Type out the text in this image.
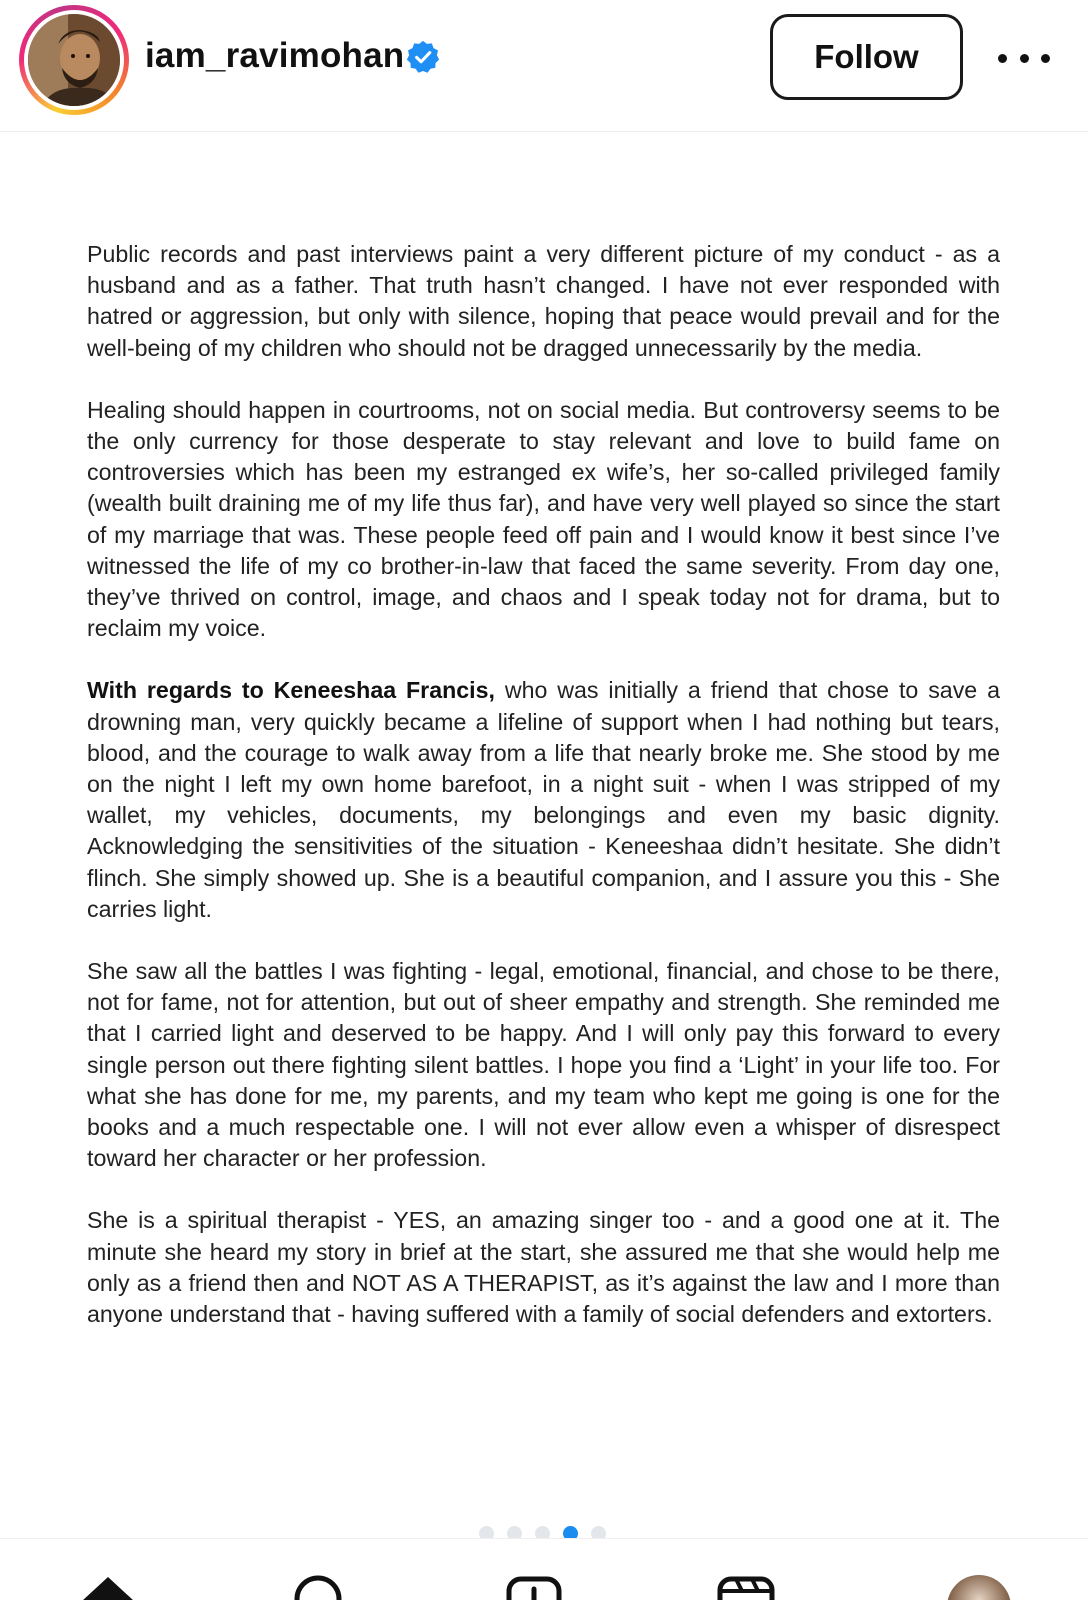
iam_ravimohan	Follow

Public records and past interviews paint a very different picture of my conduct - as a husband and as a father. That truth hasn’t changed. I have not ever responded with hatred or aggression, but only with silence, hoping that peace would prevail and for the well-being of my children who should not be dragged unnecessarily by the media.

Healing should happen in courtrooms, not on social media. But controversy seems to be the only currency for those desperate to stay relevant and love to build fame on controversies which has been my estranged ex wife’s, her so-called privileged family (wealth built draining me of my life thus far), and have very well played so since the start of my marriage that was. These people feed off pain and I would know it best since I’ve witnessed the life of my co brother-in-law that faced the same severity. From day one, they’ve thrived on control, image, and chaos and I speak today not for drama, but to reclaim my voice.

With regards to Keneeshaa Francis, who was initially a friend that chose to save a drowning man, very quickly became a lifeline of support when I had nothing but tears, blood, and the courage to walk away from a life that nearly broke me. She stood by me on the night I left my own home barefoot, in a night suit - when I was stripped of my wallet, my vehicles, documents, my belongings and even my basic dignity. Acknowledging the sensitivities of the situation - Keneeshaa didn’t hesitate. She didn’t flinch. She simply showed up. She is a beautiful companion, and I assure you this - She carries light.

She saw all the battles I was fighting - legal, emotional, financial, and chose to be there, not for fame, not for attention, but out of sheer empathy and strength. She reminded me that I carried light and deserved to be happy. And I will only pay this forward to every single person out there fighting silent battles. I hope you find a ‘Light’ in your life too. For what she has done for me, my parents, and my team who kept me going is one for the books and a much respectable one. I will not ever allow even a whisper of disrespect toward her character or her profession.

She is a spiritual therapist - YES, an amazing singer too - and a good one at it. The minute she heard my story in brief at the start, she assured me that she would help me only as a friend then and NOT AS A THERAPIST, as it’s against the law and I more than anyone understand that - having suffered with a family of social defenders and extorters.
